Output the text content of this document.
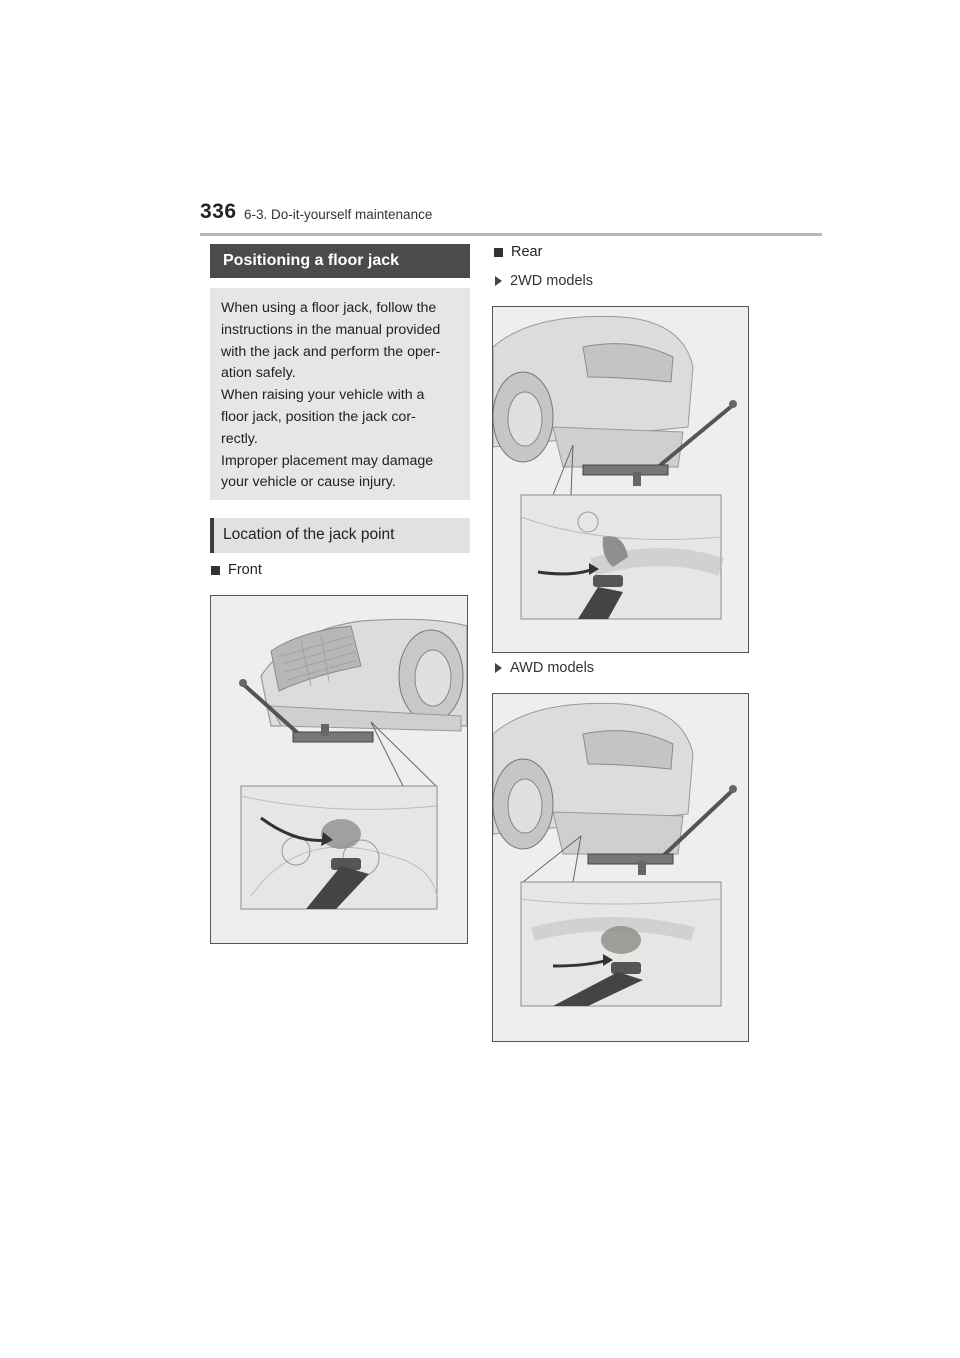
336 6-3. Do-it-yourself maintenance
Positioning a floor jack

When using a floor jack, follow the

instructions in the manual provided

with the jack and perform the oper-

ation safely.

When raising your vehicle with a

floor jack, position the jack cor-

rectly.

Improper placement may damage

your vehicle or cause injury.

Location of the jack point
Front
Rear
2WD models
AWD models
